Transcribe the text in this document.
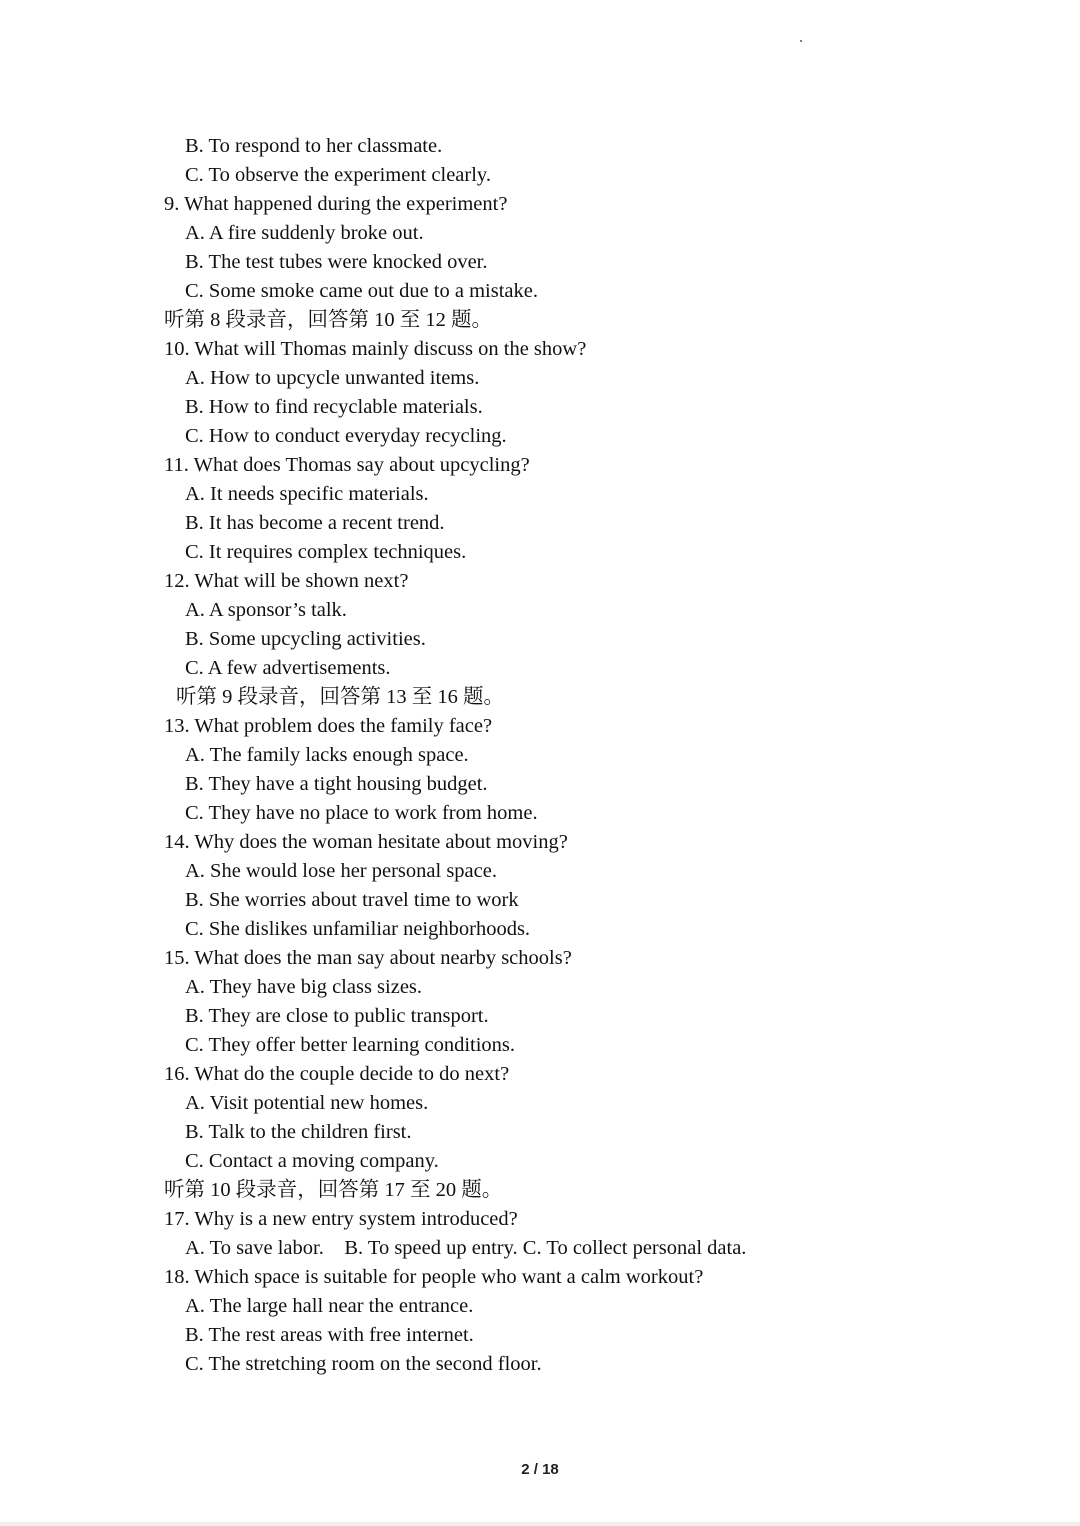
B. To respond to her classmate.
C. To observe the experiment clearly.
9. What happened during the experiment?
A. A fire suddenly broke out.
B. The test tubes were knocked over.
C. Some smoke came out due to a mistake.
听第 8 段录音，回答第 10 至 12 题。
10. What will Thomas mainly discuss on the show?
A. How to upcycle unwanted items.
B. How to find recyclable materials.
C. How to conduct everyday recycling.
11. What does Thomas say about upcycling?
A. It needs specific materials.
B. It has become a recent trend.
C. It requires complex techniques.
12. What will be shown next?
A. A sponsor’s talk.
B. Some upcycling activities.
C. A few advertisements.
听第 9 段录音，回答第 13 至 16 题。
13. What problem does the family face?
A. The family lacks enough space.
B. They have a tight housing budget.
C. They have no place to work from home.
14. Why does the woman hesitate about moving?
A. She would lose her personal space.
B. She worries about travel time to work
C. She dislikes unfamiliar neighborhoods.
15. What does the man say about nearby schools?
A. They have big class sizes.
B. They are close to public transport.
C. They offer better learning conditions.
16. What do the couple decide to do next?
A. Visit potential new homes.
B. Talk to the children first.
C. Contact a moving company.
听第 10 段录音，回答第 17 至 20 题。
17. Why is a new entry system introduced?
A. To save labor.    B. To speed up entry. C. To collect personal data.
18. Which space is suitable for people who want a calm workout?
A. The large hall near the entrance.
B. The rest areas with free internet.
C. The stretching room on the second floor.
2 / 18
